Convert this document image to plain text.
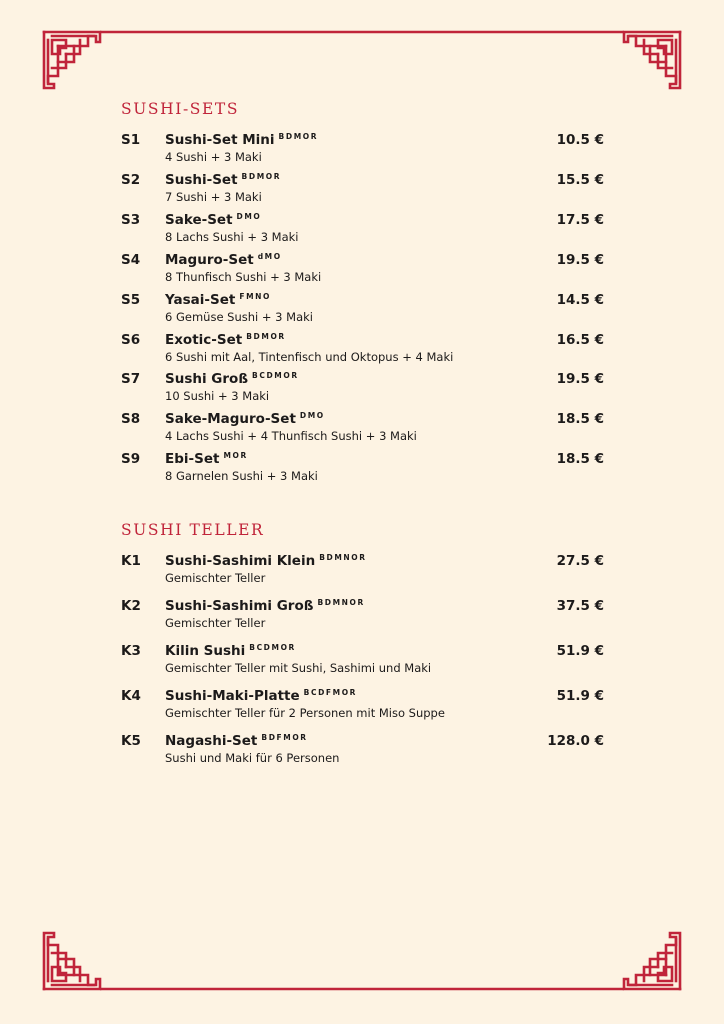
SUSHI-SETS
S1 Sushi-Set Mini $^{BDMOR}$
4 Sushi + 3 Maki
10.5 €
S2 Sushi-Set $^{BDMOR}$
7 Sushi + 3 Maki
15.5 €
S3 Sake-Set $^{DMO}$
8 Lachs Sushi + 3 Maki
17.5 €
S4 Maguro-Set $^{dMO}$
8 Thunfisch Sushi + 3 Maki
19.5 €
S5 Yasai-Set $^{FMNO}$
6 Gemüse Sushi + 3 Maki
14.5 €
S6 Exotic-Set $^{BDMOR}$
6 Sushi mit Aal, Tintenfisch und Oktopus + 4 Maki
16.5 €
S7 Sushi Groß $^{BCDMOR}$
10 Sushi + 3 Maki
19.5 €
S8 Sake-Maguro-Set $^{DMO}$
4 Lachs Sushi + 4 Thunfisch Sushi + 3 Maki
18.5 €
S9 Ebi-Set $^{MOR}$
8 Garnelen Sushi + 3 Maki
18.5 €
SUSHI TELLER
K1 Sushi-Sashimi Klein $^{BDMNOR}$
Gemischter Teller
27.5 €
K2 Sushi-Sashimi Groß $^{BDMNOR}$
Gemischter Teller
37.5 €
K3 Kilin Sushi $^{BCDMOR}$
Gemischter Teller mit Sushi, Sashimi und Maki
51.9 €
K4 Sushi-Maki-Platte $^{BCDFMOR}$
Gemischter Teller für 2 Personen mit Miso Suppe
51.9 €
K5 Nagashi-Set $^{BDFMOR}$
Sushi und Maki für 6 Personen
128.0 €
